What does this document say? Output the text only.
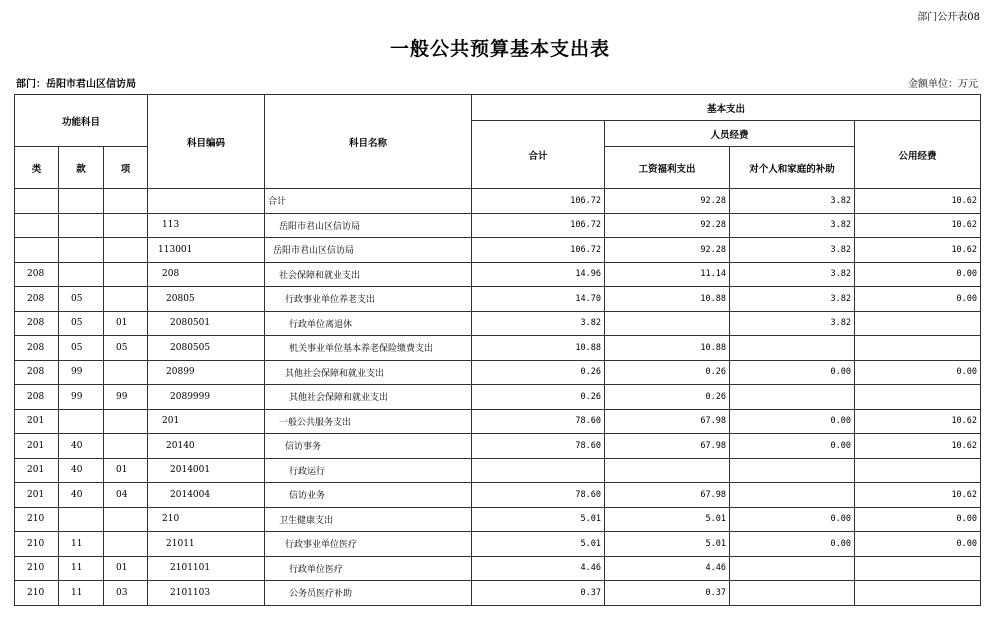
部门公开表08
一般公共预算基本支出表
部门：岳阳市君山区信访局	金额单位：万元
功能科目			科目编码	科目名称	基本支出			
					合计	人员经费		公用经费
类	款	项				工资福利支出	对个人和家庭的补助	
				合计	106.72	92.28	3.82	10.62
			113	岳阳市君山区信访局	106.72	92.28	3.82	10.62
			113001	岳阳市君山区信访局	106.72	92.28	3.82	10.62
208			208	社会保障和就业支出	14.96	11.14	3.82	0.00
208	05		20805	行政事业单位养老支出	14.70	10.88	3.82	0.00
208	05	01	2080501	行政单位离退休	3.82		3.82	
208	05	05	2080505	机关事业单位基本养老保险缴费支出	10.88	10.88		
208	99		20899	其他社会保障和就业支出	0.26	0.26	0.00	0.00
208	99	99	2089999	其他社会保障和就业支出	0.26	0.26		
201			201	一般公共服务支出	78.60	67.98	0.00	10.62
201	40		20140	信访事务	78.60	67.98	0.00	10.62
201	40	01	2014001	行政运行				
201	40	04	2014004	信访业务	78.60	67.98		10.62
210			210	卫生健康支出	5.01	5.01	0.00	0.00
210	11		21011	行政事业单位医疗	5.01	5.01	0.00	0.00
210	11	01	2101101	行政单位医疗	4.46	4.46		
210	11	03	2101103	公务员医疗补助	0.37	0.37		
